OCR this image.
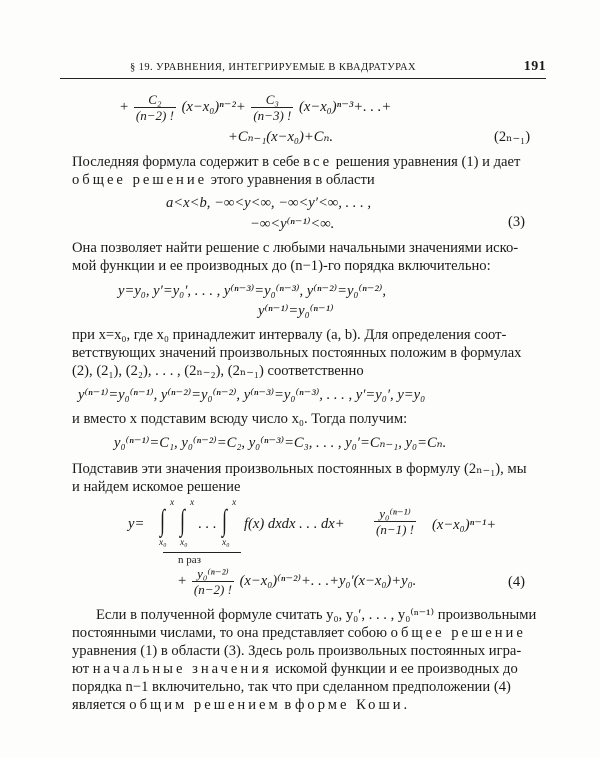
§ 19. УРАВНЕНИЯ, ИНТЕГРИРУЕМЫЕ В КВАДРАТУРАХ	191
+ $\frac{\text{C₂}}{(n-2) !} (x-x_0)^{n-2}+ \frac{\text{C₃}}{(n-3) !} (x-x_0)^{n-3}+$. . .+
+Cₙ₋₁(x−x₀)+Cₙ.	(2ₙ₋₁)
Последняя формула содержит в себе все решения уравнения (1) и дает
общее решение этого уравнения в области
a<x<b, −∞<y<∞, −∞<y′<∞, . . . ,
−∞<y⁽ⁿ⁻¹⁾<∞.	(3)
Она позволяет найти решение с любыми начальными значениями иско-
мой функции и ее производных до (n−1)-го порядка включительно:
y=y₀, y′=y₀′, . . . , y⁽ⁿ⁻³⁾=y₀⁽ⁿ⁻³⁾, y⁽ⁿ⁻²⁾=y₀⁽ⁿ⁻²⁾,
y⁽ⁿ⁻¹⁾=y₀⁽ⁿ⁻¹⁾
при x=x₀, где x₀ принадлежит интервалу (a, b). Для определения соот-
ветствующих значений произвольных постоянных положим в формулах
(2), (2₁), (2₂), . . . , (2ₙ₋₂), (2ₙ₋₁) соответственно
y⁽ⁿ⁻¹⁾=y₀⁽ⁿ⁻¹⁾, y⁽ⁿ⁻²⁾=y₀⁽ⁿ⁻²⁾, y⁽ⁿ⁻³⁾=y₀⁽ⁿ⁻³⁾, . . . , y′=y₀′, y=y₀
и вместо x подставим всюду число x₀. Тогда получим:
y₀⁽ⁿ⁻¹⁾=C₁, y₀⁽ⁿ⁻²⁾=C₂, y₀⁽ⁿ⁻³⁾=C₃, . . . , y₀′=Cₙ₋₁, y₀=Cₙ.
Подставив эти значения произвольных постоянных в формулу (2ₙ₋₁), мы
и найдем искомое решение
y= ∫
x
x₀
∫
x
x₀
. . . ∫
x
x₀
n раз
f(x) dxdx . . . $dx+ \frac{\text{y₀⁽ⁿ⁻¹⁾}}{(n-1) !} (x-x_0)^{n-1}+$
+ $\frac{\text{y₀⁽ⁿ⁻²⁾}}{(n-2) !} (x-x_0)^{(n-2)}+$. . .+y₀′(x−x₀)+y₀.	(4)
Если в полученной формуле считать y₀, y₀′, . . . , y₀⁽ⁿ⁻¹⁾ произвольными
постоянными числами, то она представляет собою общее решение
уравнения (1) в области (3). Здесь роль произвольных постоянных игра-
ют начальные значения искомой функции и ее производных до
порядка n−1 включительно, так что при сделанном предположении (4)
является общим решением в форме Коши.
